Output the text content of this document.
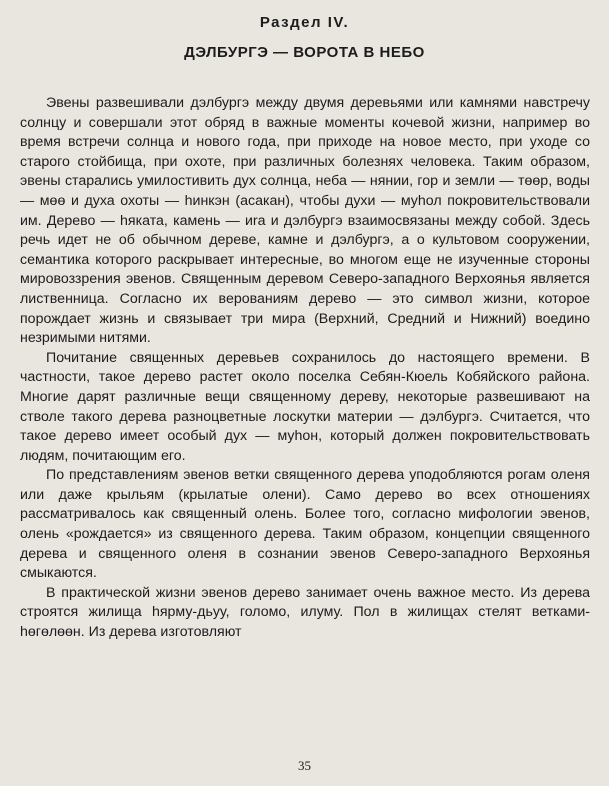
Раздел IV.
ДЭЛБУРГЭ — ВОРОТА В НЕБО

Эвены развешивали дэлбургэ между двумя деревьями или камнями навстречу солнцу и совершали этот обряд в важные моменты кочевой жизни, например во время встречи солнца и нового года, при приходе на новое место, при уходе со старого стойбища, при охоте, при различных болезнях человека. Таким образом, эвены старались умилостивить дух солнца, неба — нянии, гор и земли — төөр, воды — мөө и духа охоты — hинкэн (асакан), чтобы духи — муhол покровительствовали им. Дерево — hяката, камень — иrа и дэлбургэ взаимосвязаны между собой. Здесь речь идет не об обычном дереве, камне и дэлбургэ, а о культовом сооружении, семантика которого раскрывает интересные, во многом еще не изученные стороны мировоззрения эвенов. Священным деревом Северо-западного Верхоянья является лиственница. Согласно их верованиям дерево — это символ жизни, которое порождает жизнь и связывает три мира (Верхний, Средний и Нижний) воедино незримыми нитями.

Почитание священных деревьев сохранилось до настоящего времени. В частности, такое дерево растет около поселка Себян-Кюель Кобяйского района. Многие дарят различные вещи священному дереву, некоторые развешивают на стволе такого дерева разноцветные лоскутки материи — дэлбургэ. Считается, что такое дерево имеет особый дух — муhон, который должен покровительствовать людям, почитающим его.

По представлениям эвенов ветки священного дерева уподобляются рогам оленя или даже крыльям (крылатые олени). Само дерево во всех отношениях рассматривалось как священный олень. Более того, согласно мифологии эвенов, олень «рождается» из священного дерева. Таким образом, концепции священного дерева и священного оленя в сознании эвенов Северо-западного Верхоянья смыкаются.

В практической жизни эвенов дерево занимает очень важное место. Из дерева строятся жилища hярму-дьуу, голомо, илуму. Пол в жилищах стелят ветками-hөгөлөөн. Из дерева изготовляют

35
